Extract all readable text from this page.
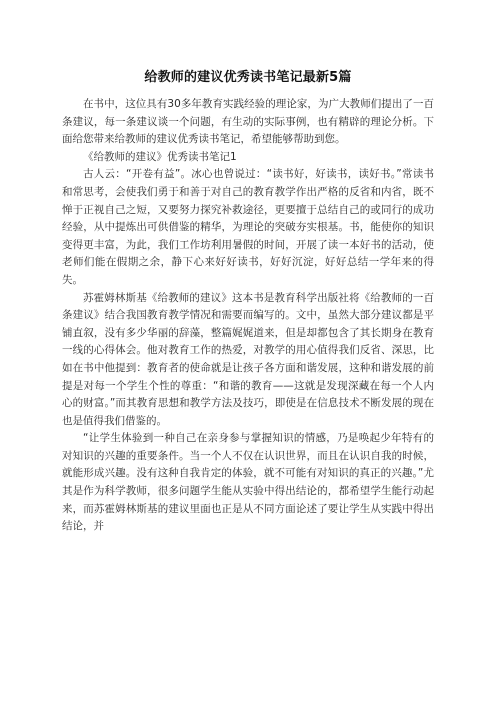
给教师的建议优秀读书笔记最新5篇

在书中，这位具有30多年教育实践经验的理论家，为广大教师们提出了一百条建议，每一条建议谈一个问题，有生动的实际事例，也有精辟的理论分析。下面给您带来给教师的建议优秀读书笔记，希望能够帮助到您。

《给教师的建议》优秀读书笔记1

古人云：“开卷有益”。冰心也曾说过：“读书好，好读书，读好书。”常读书和常思考，会使我们勇于和善于对自己的教育教学作出严格的反省和内省，既不惮于正视自己之短，又要努力探究补救途径，更要擅于总结自己的或同行的成功经验，从中提炼出可供借鉴的精华，为理论的突破夯实根基。书，能使你的知识变得更丰富，为此，我们工作坊利用暑假的时间，开展了读一本好书的活动，使老师们能在假期之余，静下心来好好读书，好好沉淀，好好总结一学年来的得失。

苏霍姆林斯基《给教师的建议》这本书是教育科学出版社将《给教师的一百条建议》结合我国教育教学情况和需要而编写的。文中，虽然大部分建议都是平铺直叙，没有多少华丽的辞藻，整篇娓娓道来，但是却都包含了其长期身在教育一线的心得体会。他对教育工作的热爱，对教学的用心值得我们反省、深思，比如在书中他提到：教育者的使命就是让孩子各方面和谐发展，这种和谐发展的前提是对每一个学生个性的尊重：“和谐的教育——这就是发现深藏在每一个人内心的财富。”而其教育思想和教学方法及技巧，即使是在信息技术不断发展的现在也是值得我们借鉴的。

“让学生体验到一种自己在亲身参与掌握知识的情感，乃是唤起少年特有的对知识的兴趣的重要条件。当一个人不仅在认识世界，而且在认识自我的时候，就能形成兴趣。没有这种自我肯定的体验，就不可能有对知识的真正的兴趣。”尤其是作为科学教师，很多问题学生能从实验中得出结论的，都希望学生能行动起来，而苏霍姆林斯基的建议里面也正是从不同方面论述了要让学生从实践中得出结论，并
